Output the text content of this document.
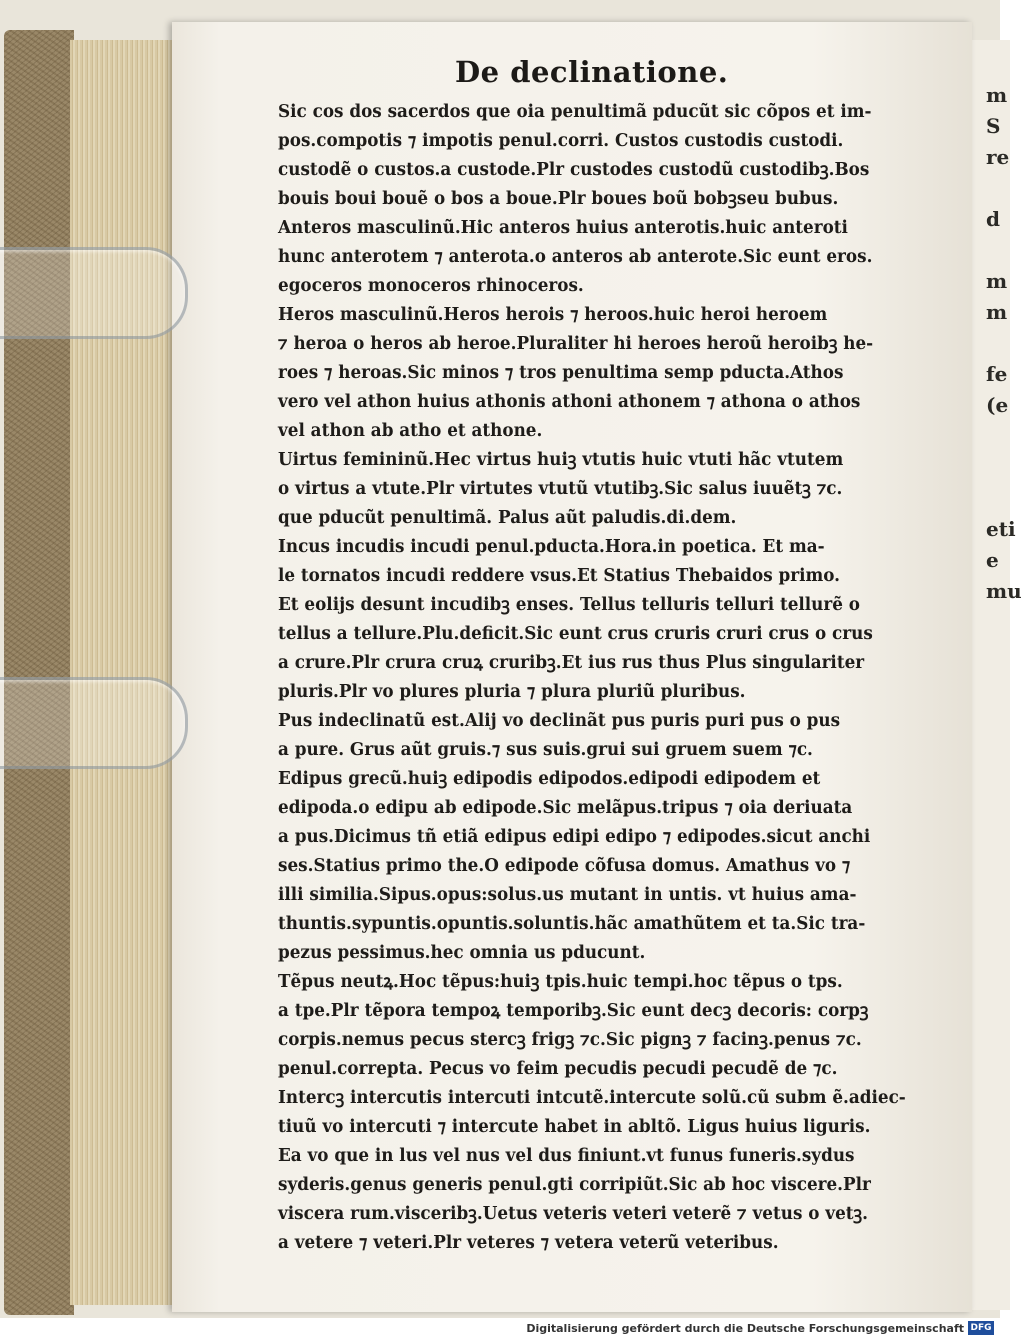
m
S
re
d
m
m
fe
(e
eti
e
mu
De declinatione.
Sic cos dos sacerdos que oia penultimã pducũt sic cõpos et im-
pos.compotis ⁊ impotis penul.corri. Custos custodis custodi.
custodẽ o custos.a custode.Plr custodes custodũ custodibꝫ.Bos
bouis boui bouẽ o bos a boue.Plr boues boũ bobꝫseu bubus.
Anteros masculinũ.Hic anteros huius anterotis.huic anteroti
hunc anterotem ⁊ anterota.o anteros ab anterote.Sic eunt eros.
egoceros monoceros rhinoceros.
Heros masculinũ.Heros herois ⁊ heroos.huic heroi heroem
⁊ heroa o heros ab heroe.Pluraliter hi heroes heroũ heroibꝫ he-
roes ⁊ heroas.Sic minos ⁊ tros penultima semp pducta.Athos
vero vel athon huius athonis athoni athonem ⁊ athona o athos
vel athon ab atho et athone.
Uirtus femininũ.Hec virtus huiꝫ vtutis huic vtuti hãc vtutem
o virtus a vtute.Plr virtutes vtutũ vtutibꝫ.Sic salus iuuẽtꝫ ⁊c.
que pducũt penultimã. Palus aũt paludis.di.dem.
Incus incudis incudi penul.pducta.Hora.in poetica. Et ma-
le tornatos incudi reddere vsus.Et Statius Thebaidos primo.
Et eolijs desunt incudibꝫ enses. Tellus telluris telluri tellurẽ o
tellus a tellure.Plu.deficit.Sic eunt crus cruris cruri crus o crus
a crure.Plr crura cruꝝ cruribꝫ.Et ius rus thus Plus singulariter
pluris.Plr vo plures pluria ⁊ plura pluriũ pluribus.
Pus indeclinatũ est.Alij vo declinãt pus puris puri pus o pus
a pure. Grus aũt gruis.⁊ sus suis.grui sui gruem suem ⁊c.
Edipus grecũ.huiꝫ edipodis edipodos.edipodi edipodem et
edipoda.o edipu ab edipode.Sic melãpus.tripus ⁊ oia deriuata
a pus.Dicimus tñ etiã edipus edipi edipo ⁊ edipodes.sicut anchi
ses.Statius primo the.O edipode cõfusa domus. Amathus vo ⁊
illi similia.Sipus.opus:solus.us mutant in untis. vt huius ama-
thuntis.sypuntis.opuntis.soluntis.hãc amathũtem et ta.Sic tra-
pezus pessimus.hec omnia us pducunt.
Tẽpus neutꝝ.Hoc tẽpus:huiꝫ tpis.huic tempi.hoc tẽpus o tps.
a tpe.Plr tẽpora tempoꝝ temporibꝫ.Sic eunt decꝫ decoris: corpꝫ
corpis.nemus pecus stercꝫ frigꝫ ⁊c.Sic pignꝫ ⁊ facinꝫ.penus ⁊c.
penul.correpta. Pecus vo feim pecudis pecudi pecudẽ de ⁊c.
Intercꝫ intercutis intercuti intcutẽ.intercute solũ.cũ subm ẽ.adiec-
tiuũ vo intercuti ⁊ intercute habet in abltõ. Ligus huius liguris.
Ea vo que in lus vel nus vel dus finiunt.vt funus funeris.sydus
syderis.genus generis penul.gti corripiũt.Sic ab hoc viscere.Plr
viscera rum.visceribꝫ.Uetus veteris veteri veterẽ ⁊ vetus o vetꝫ.
a vetere ⁊ veteri.Plr veteres ⁊ vetera veterũ veteribus.
Digitalisierung gefördert durch die Deutsche Forschungsgemeinschaft DFG
